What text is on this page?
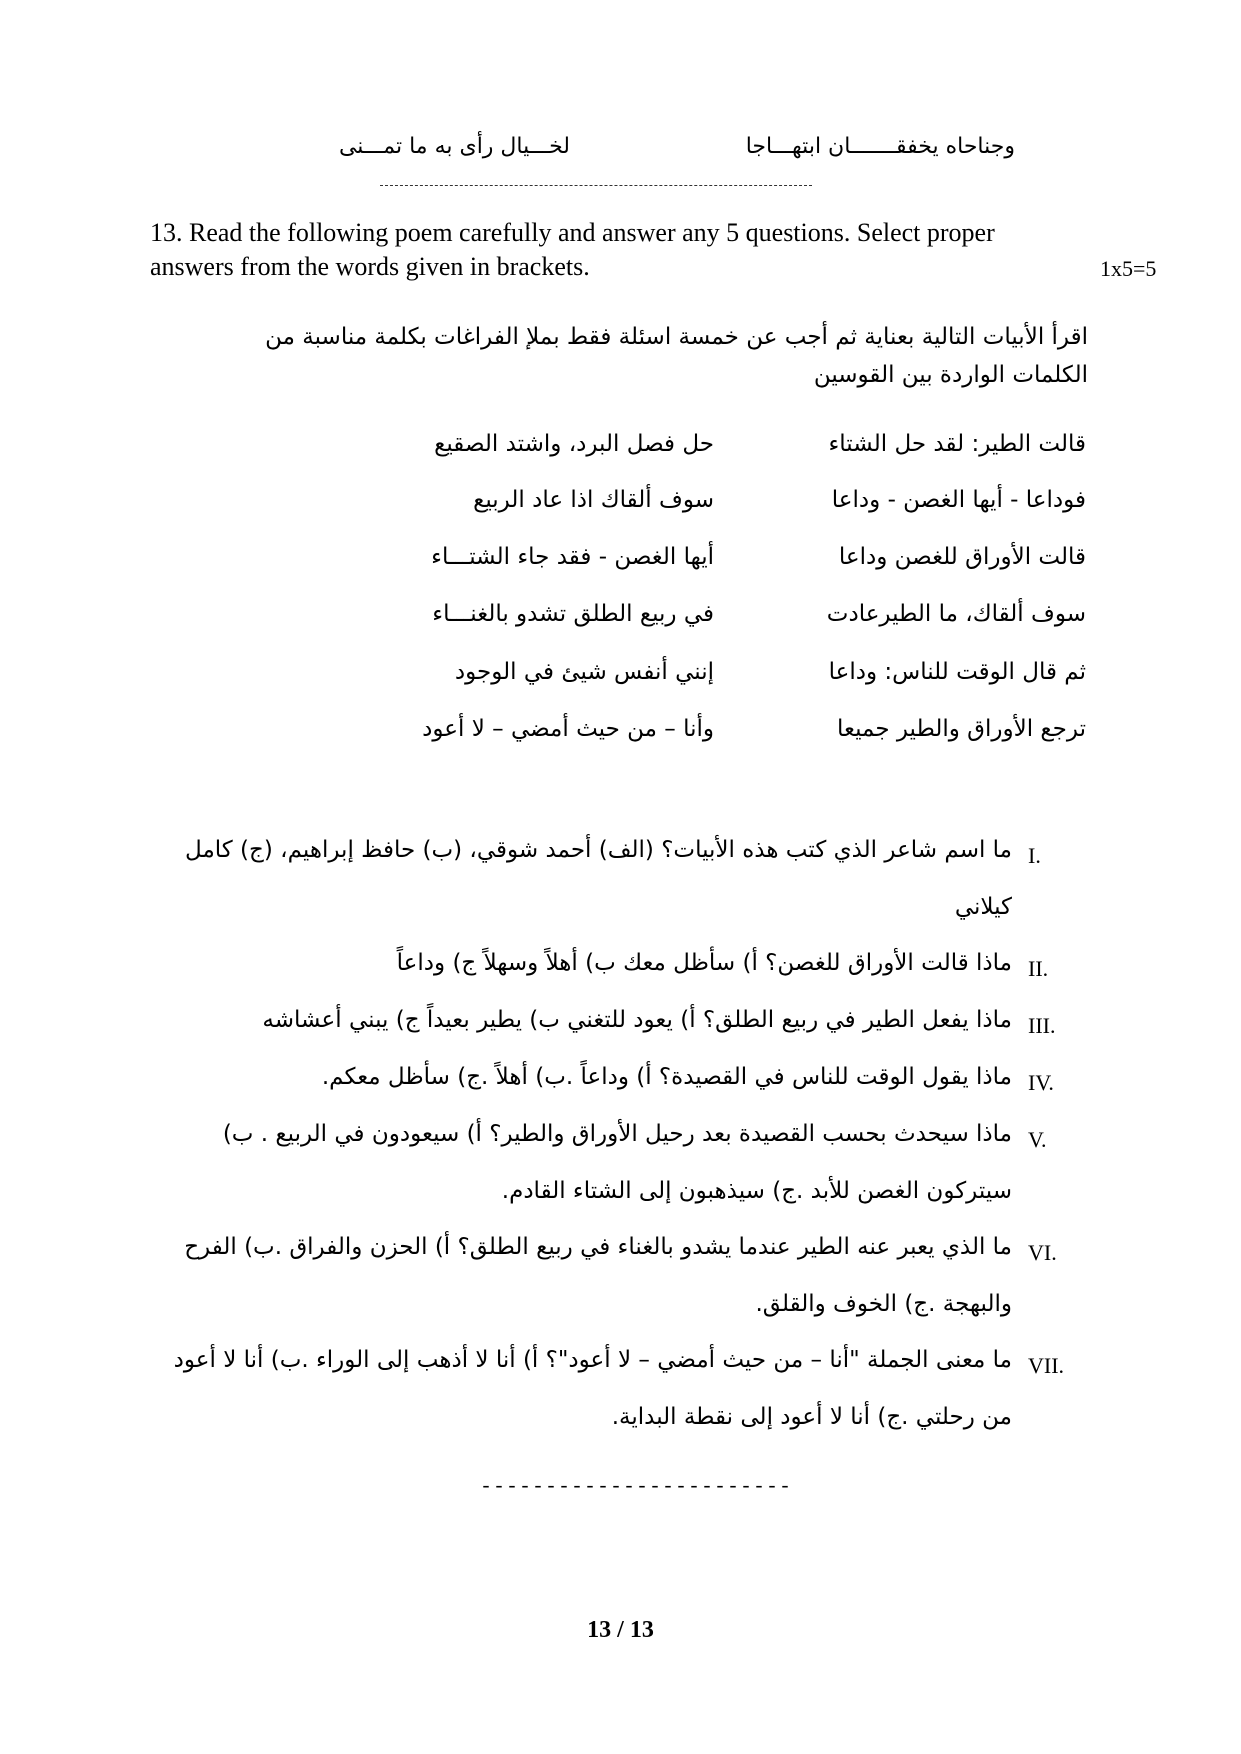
وجناحاه يخفقـــــــان ابتهـــاجا
لخـــيال رأى به ما تمـــنى
13. Read the following poem carefully and answer any 5 questions. Select proper answers from the words given in brackets.	1x5=5
اقرأ الأبيات التالية بعناية ثم أجب عن خمسة اسئلة فقط بملإ الفراغات بكلمة مناسبة من الكلمات الواردة بين القوسين
قالت الطير: لقد حل الشتاء
حل فصل البرد، واشتد الصقيع
فوداعا - أيها الغصن - وداعا
سوف ألقاك اذا عاد الربيع
قالت الأوراق للغصن وداعا
أيها الغصن - فقد جاء الشتـــاء
سوف ألقاك، ما الطيرعادت
في ربيع الطلق تشدو بالغنـــاء
ثم قال الوقت للناس: وداعا
إنني أنفس شيئ في الوجود
ترجع الأوراق والطير جميعا
وأنا – من حيث أمضي – لا أعود
I.
ما اسم شاعر الذي كتب هذه الأبيات؟ (الف) أحمد شوقي، (ب) حافظ إبراهيم، (ج) كامل كيلاني
II.
ماذا قالت الأوراق للغصن؟ أ) سأظل معك ب) أهلاً وسهلاً ج) وداعاً
III.
ماذا يفعل الطير في ربيع الطلق؟ أ) يعود للتغني ب) يطير بعيداً ج) يبني أعشاشه
IV.
ماذا يقول الوقت للناس في القصيدة؟ أ) وداعاً .ب) أهلاً .ج) سأظل معكم.
V.
ماذا سيحدث بحسب القصيدة بعد رحيل الأوراق والطير؟ أ) سيعودون في الربيع . ب) سيتركون الغصن للأبد .ج) سيذهبون إلى الشتاء القادم.
VI.
ما الذي يعبر عنه الطير عندما يشدو بالغناء في ربيع الطلق؟ أ) الحزن والفراق .ب) الفرح والبهجة .ج) الخوف والقلق.
VII.
ما معنى الجملة "أنا – من حيث أمضي – لا أعود"؟ أ) أنا لا أذهب إلى الوراء .ب) أنا لا أعود من رحلتي .ج) أنا لا أعود إلى نقطة البداية.
------------------------
13 / 13
